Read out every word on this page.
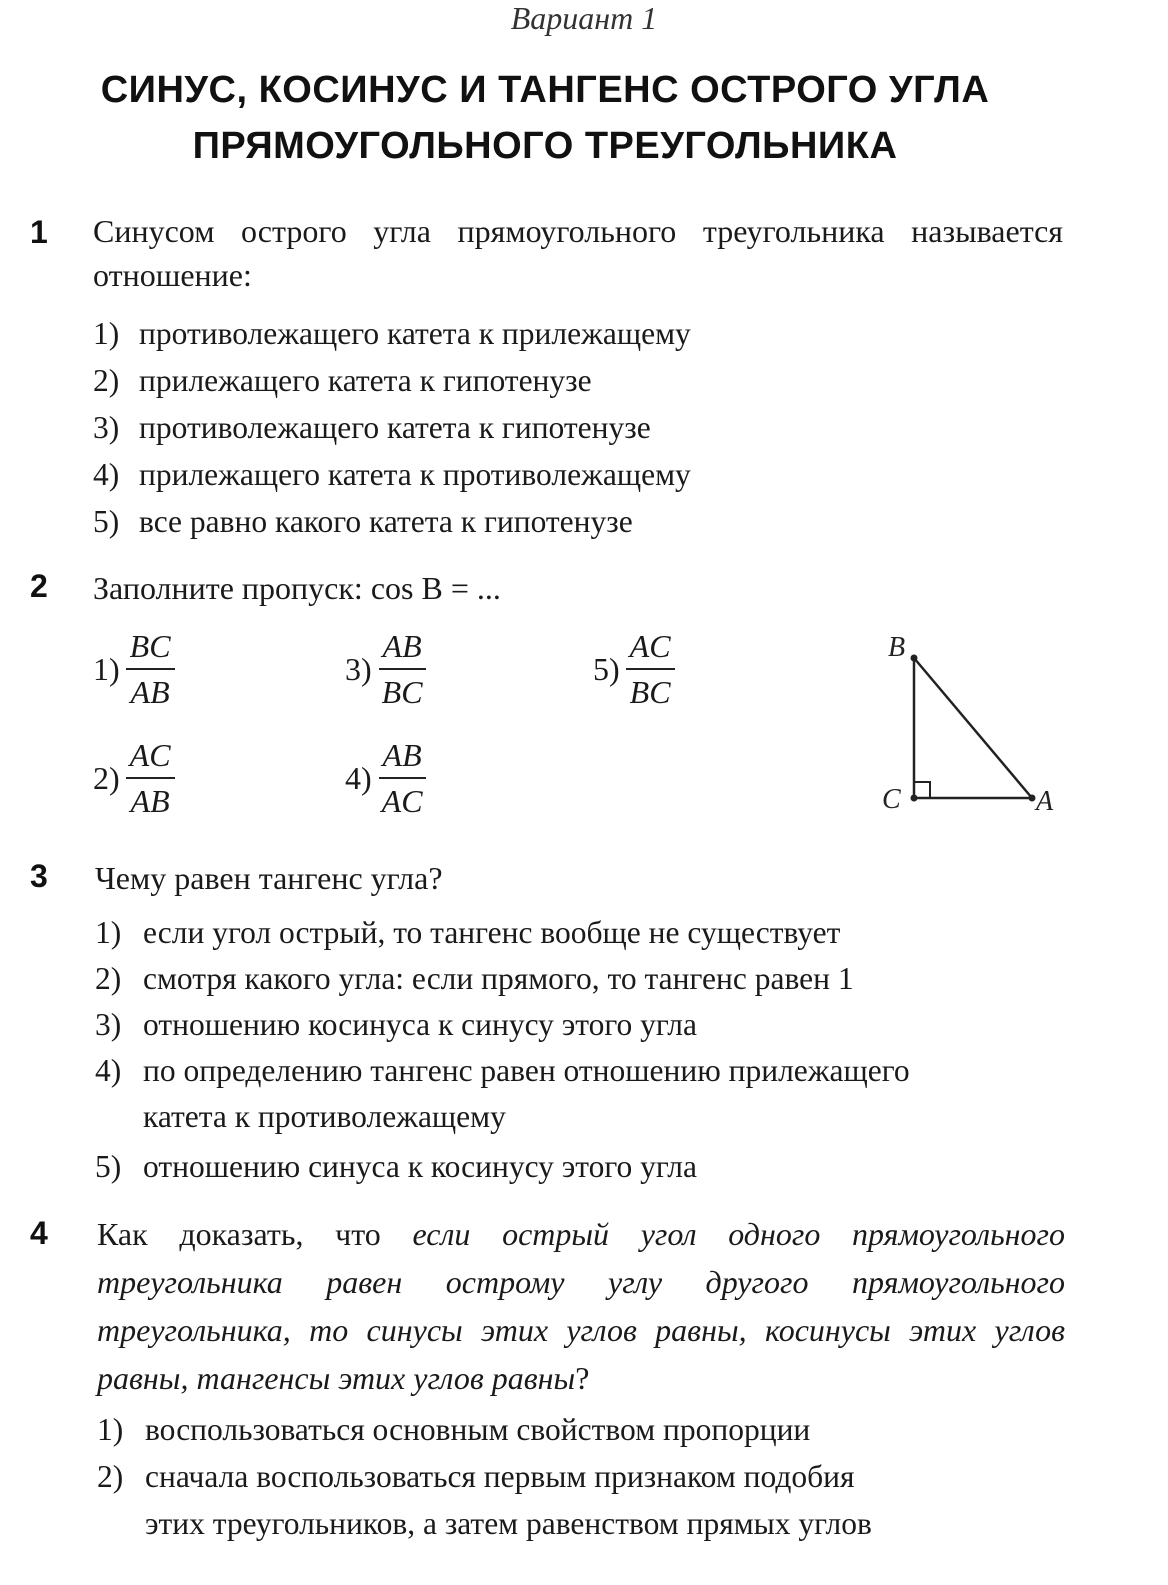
Вариант 1
СИНУС, КОСИНУС И ТАНГЕНС ОСТРОГО УГЛА
ПРЯМОУГОЛЬНОГО ТРЕУГОЛЬНИКА
1 Синусом острого угла прямоугольного треугольника называется отношение:
1) противолежащего катета к прилежащему
2) прилежащего катета к гипотенузе
3) противолежащего катета к гипотенузе
4) прилежащего катета к противолежащему
5) все равно какого катета к гипотенузе
2 Заполните пропуск: cos B = ...
$1) \frac{BC}{AB}$
$2) \frac{AC}{AB}$
$3) \frac{AB}{BC}$
$4) \frac{AB}{AC}$
$5) \frac{AC}{BC}$	B
C	A
3 Чему равен тангенс угла?
1) если угол острый, то тангенс вообще не существует
2) смотря какого угла: если прямого, то тангенс равен 1
3) отношению косинуса к синусу этого угла
4) по определению тангенс равен отношению прилежащего
катета к противолежащему
5) отношению синуса к косинусу этого угла
4 Как доказать, что если острый угол одного прямоугольного треугольника равен острому углу другого прямоугольного треугольника, то синусы этих углов равны, косинусы этих углов равны, тангенсы этих углов равны?
1) воспользоваться основным свойством пропорции
2) сначала воспользоваться первым признаком подобия
этих треугольников, а затем равенством прямых углов
